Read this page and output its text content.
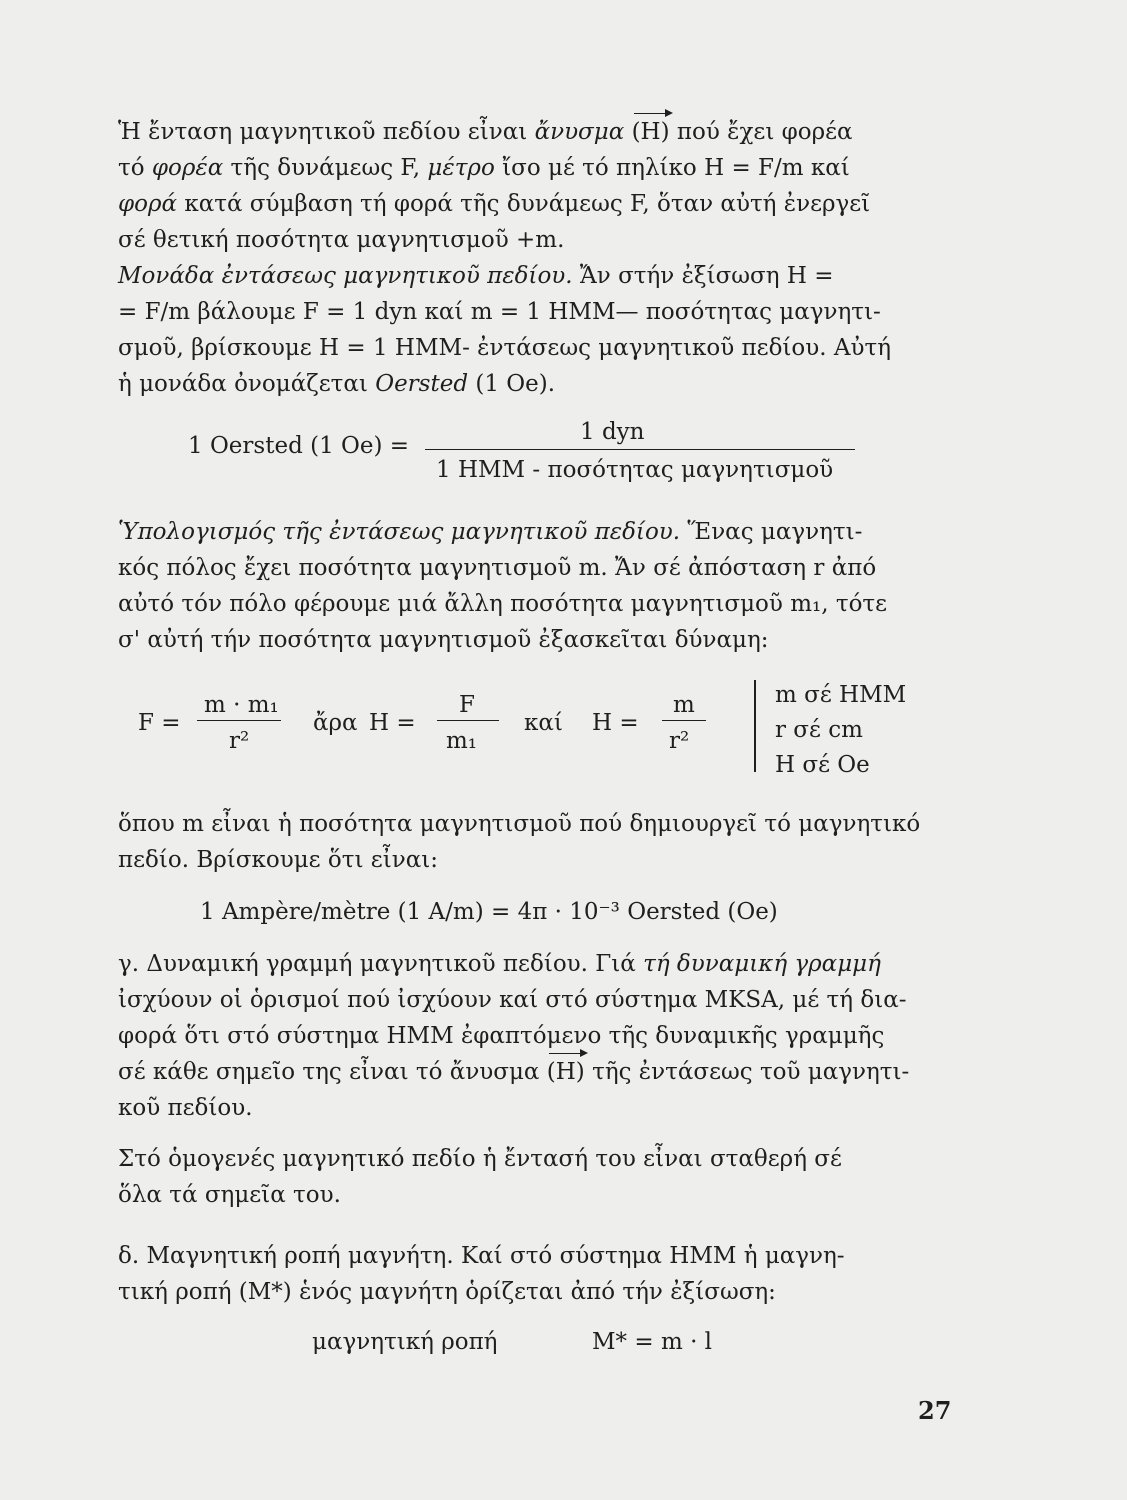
Ἡ ἔνταση μαγνητικοῦ πεδίου εἶναι ἄνυσμα (H) πού ἔχει φορέα
τό φορέα τῆς δυνάμεως F, μέτρο ἴσο μέ τό πηλίκο H = F/m καί
φορά κατά σύμβαση τή φορά τῆς δυνάμεως F, ὅταν αὐτή ἐνεργεῖ
σέ θετική ποσότητα μαγνητισμοῦ +m.

Μονάδα ἐντάσεως μαγνητικοῦ πεδίου. Ἄν στήν ἐξίσωση H =
= F/m βάλουμε F = 1 dyn καί m = 1 HMM— ποσότητας μαγνητι-
σμοῦ, βρίσκουμε H = 1 HMM- ἐντάσεως μαγνητικοῦ πεδίου. Αὐτή
ἡ μονάδα ὀνομάζεται Oersted (1 Oe).

1 Oersted (1 Oe) =
1 dyn
1 HMM - ποσότητας μαγνητισμοῦ

Ὑπολογισμός τῆς ἐντάσεως μαγνητικοῦ πεδίου. Ἕνας μαγνητι-
κός πόλος ἔχει ποσότητα μαγνητισμοῦ m. Ἄν σέ ἀπόσταση r ἀπό
αὐτό τόν πόλο φέρουμε μιά ἄλλη ποσότητα μαγνητισμοῦ m₁, τότε
σ' αὐτή τήν ποσότητα μαγνητισμοῦ ἐξασκεῖται δύναμη:

F =
m · m₁
r²
ἄρα H =
F
m₁
καί H =
m
r²
m σέ HMM
r σέ cm
H σέ Oe

ὅπου m εἶναι ἡ ποσότητα μαγνητισμοῦ πού δημιουργεῖ τό μαγνητικό
πεδίο. Βρίσκουμε ὅτι εἶναι:

1 Ampère/mètre (1 A/m) = 4π · 10⁻³ Oersted (Oe)

γ. Δυναμική γραμμή μαγνητικοῦ πεδίου. Γιά τή δυναμική γραμμή
ἰσχύουν οἱ ὁρισμοί πού ἰσχύουν καί στό σύστημα MKSA, μέ τή δια-
φορά ὅτι στό σύστημα HMM ἐφαπτόμενο τῆς δυναμικῆς γραμμῆς
σέ κάθε σημεῖο της εἶναι τό ἄνυσμα (H) τῆς ἐντάσεως τοῦ μαγνητι-
κοῦ πεδίου.

Στό ὁμογενές μαγνητικό πεδίο ἡ ἔντασή του εἶναι σταθερή σέ
ὅλα τά σημεῖα του.

δ. Μαγνητική ροπή μαγνήτη. Καί στό σύστημα HMM ἡ μαγνη-
τική ροπή (M*) ἑνός μαγνήτη ὁρίζεται ἀπό τήν ἐξίσωση:

μαγνητική ροπή	M* = m · l
27
